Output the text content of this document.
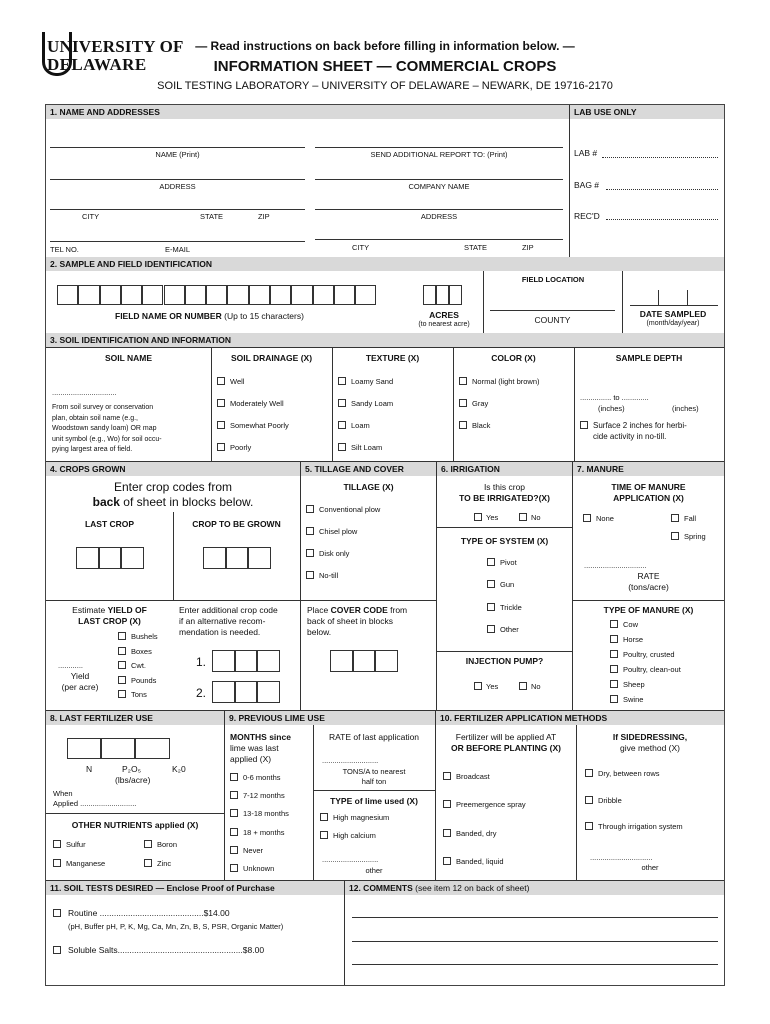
UNIVERSITY OF
DELAWARE
— Read instructions on back before filling in information below. —
INFORMATION SHEET — COMMERCIAL CROPS
SOIL TESTING LABORATORY – UNIVERSITY OF DELAWARE – NEWARK, DE 19716-2170
1. NAME AND ADDRESSES	LAB USE ONLY
NAME (Print)
ADDRESS
CITY	STATE	ZIP
TEL NO.	E-MAIL
SEND ADDITIONAL REPORT TO: (Print)
COMPANY NAME
ADDRESS
CITY	STATE	ZIP
LAB #
BAG #
REC'D
2. SAMPLE AND FIELD IDENTIFICATION
FIELD NAME OR NUMBER (Up to 15 characters)	ACRES
(to nearest acre)
FIELD LOCATION
COUNTY
DATE SAMPLED
(month/day/year)
3. SOIL IDENTIFICATION AND INFORMATION
SOIL NAME	SOIL DRAINAGE (X)	TEXTURE (X)	COLOR (X)	SAMPLE DEPTH
...............................
From soil survey or conservation
plan, obtain soil name (e.g.,
Woodstown sandy loam) OR map
unit symbol (e.g., Wo) for soil occu-
pying largest area of field.
Well
Moderately Well
Somewhat Poorly
Poorly
Loamy Sand
Sandy Loam
Loam
Silt Loam
Normal (light brown)
Gray
Black
............... to .............
(inches)	(inches)
Surface 2 inches for herbi-
cide activity in no-till.
4. CROPS GROWN	5. TILLAGE AND COVER	6. IRRIGATION	7. MANURE
Enter crop codes from
back of sheet in blocks below.
LAST CROP	CROP TO BE GROWN
Estimate YIELD OF
LAST CROP (X)
Bushels
Boxes
Cwt.
Pounds
Tons
............
Yield
(per acre)
Enter additional crop code
if an alternative recom-
mendation is needed.
1.
2.
TILLAGE (X)
Conventional plow
Chisel plow
Disk only
No-till
Place COVER CODE from
back of sheet in blocks
below.
Is this crop
TO BE IRRIGATED?(X)
Yes	No
TYPE OF SYSTEM (X)
Pivot
Gun
Trickle
Other
INJECTION PUMP?
Yes	No
TIME OF MANURE
APPLICATION (X)
None	Fall
Spring
..............................
RATE
(tons/acre)
TYPE OF MANURE (X)
Cow
Horse
Poultry, crusted
Poultry, clean-out
Sheep
Swine
8. LAST FERTILIZER USE	9. PREVIOUS LIME USE	10. FERTILIZER APPLICATION METHODS
N	P₂O₅	K₂0
(lbs/acre)
When
Applied ...........................
OTHER NUTRIENTS applied (X)
Sulfur	Boron
Manganese	Zinc
MONTHS since
lime was last
applied (X)
0-6 months
7-12 months
13-18 months
18 + months
Never
Unknown
RATE of last application
...........................
TONS/A to nearest
half ton
TYPE of lime used (X)
High magnesium
High calcium
...........................
other
Fertilizer will be applied AT
OR BEFORE PLANTING (X)
Broadcast
Preemergence spray
Banded, dry
Banded, liquid
If SIDEDRESSING,
give method (X)
Dry, between rows
Dribble
Through irrigation system
..............................
other
11. SOIL TESTS DESIRED — Enclose Proof of Purchase	12. COMMENTS (see item 12 on back of sheet)
Routine ............................................$14.00
(pH, Buffer pH, P, K, Mg, Ca, Mn, Zn, B, S, PSR, Organic Matter)
Soluble Salts.....................................................$8.00
